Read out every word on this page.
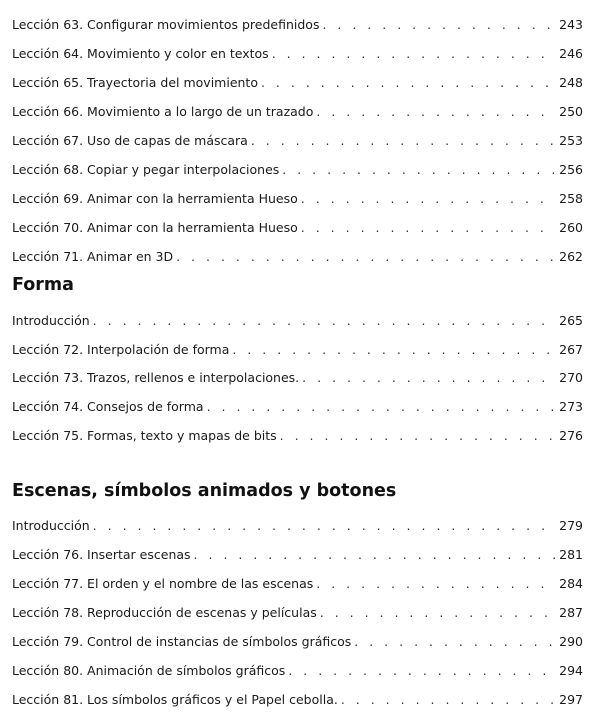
Lección 63. Configurar movimientos predefinidos . . .	243
Lección 64. Movimiento y color en textos . . .	246
Lección 65. Trayectoria del movimiento . . .	248
Lección 66. Movimiento a lo largo de un trazado . . .	250
Lección 67. Uso de capas de máscara . . .	253
Lección 68. Copiar y pegar interpolaciones . . .	256
Lección 69. Animar con la herramienta Hueso . . .	258
Lección 70. Animar con la herramienta Hueso . . .	260
Lección 71. Animar en 3D . . .	262
Forma
Introducción . . .	265
Lección 72. Interpolación de forma . . .	267
Lección 73. Trazos, rellenos e interpolaciones. . . .	270
Lección 74. Consejos de forma . . .	273
Lección 75. Formas, texto y mapas de bits . . .	276
Escenas, símbolos animados y botones
Introducción . . .	279
Lección 76. Insertar escenas . . .	281
Lección 77. El orden y el nombre de las escenas . . .	284
Lección 78. Reproducción de escenas y películas . . .	287
Lección 79. Control de instancias de símbolos gráficos . . .	290
Lección 80. Animación de símbolos gráficos . . .	294
Lección 81. Los símbolos gráficos y el Papel cebolla. . . .	297
